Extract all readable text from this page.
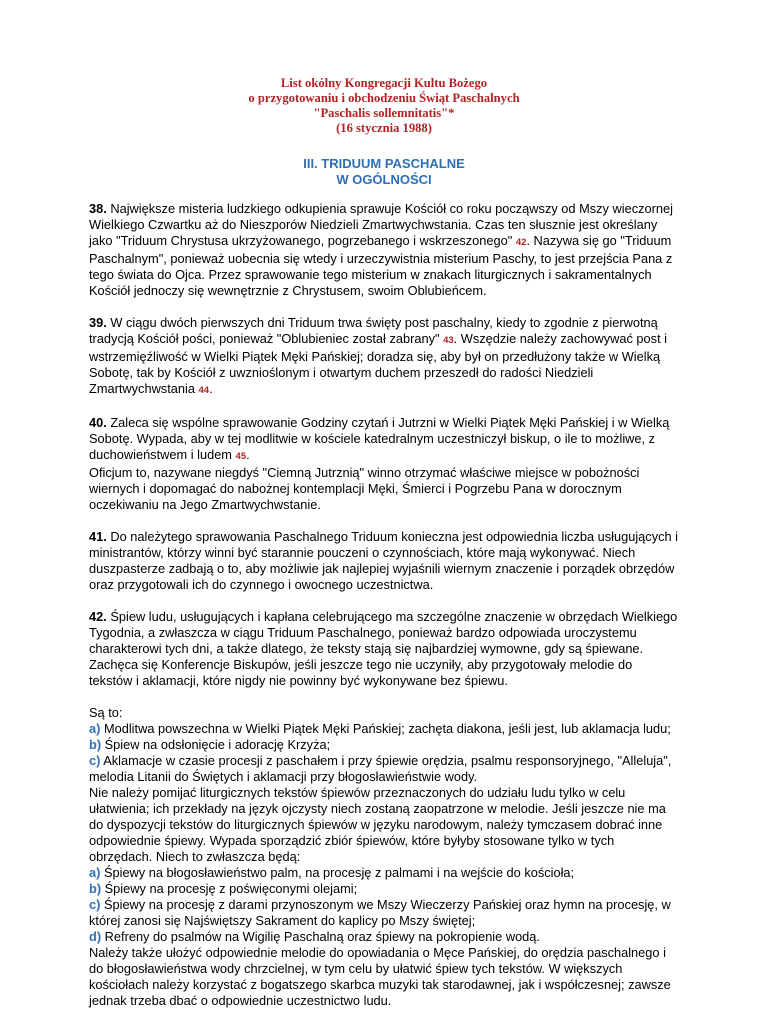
List okólny Kongregacji Kultu Bożego
o przygotowaniu i obchodzeniu Świąt Paschalnych
"Paschalis sollemnitatis"*
(16 stycznia 1988)
III. TRIDUUM PASCHALNE
W OGÓLNOŚCI

38. Największe misteria ludzkiego odkupienia sprawuje Kościół co roku począwszy od Mszy wieczornej Wielkiego Czwartku aż do Nieszporów Niedzieli Zmartwychwstania. Czas ten słusznie jest określany jako "Triduum Chrystusa ukrzyżowanego, pogrzebanego i wskrzeszonego" 42. Nazywa się go "Triduum Paschalnym", ponieważ uobecnia się wtedy i urzeczywistnia misterium Paschy, to jest przejścia Pana z tego świata do Ojca. Przez sprawowanie tego misterium w znakach liturgicznych i sakramentalnych Kościół jednoczy się wewnętrznie z Chrystusem, swoim Oblubieńcem.

39. W ciągu dwóch pierwszych dni Triduum trwa święty post paschalny, kiedy to zgodnie z pierwotną tradycją Kościół pości, ponieważ "Oblubieniec został zabrany" 43. Wszędzie należy zachowywać post i wstrzemięźliwość w Wielki Piątek Męki Pańskiej; doradza się, aby był on przedłużony także w Wielką Sobotę, tak by Kościół z uwznioślonym i otwartym duchem przeszedł do radości Niedzieli Zmartwychwstania 44.

40. Zaleca się wspólne sprawowanie Godziny czytań i Jutrzni w Wielki Piątek Męki Pańskiej i w Wielką Sobotę. Wypada, aby w tej modlitwie w kościele katedralnym uczestniczył biskup, o ile to możliwe, z duchowieństwem i ludem 45.
Oficjum to, nazywane niegdyś "Ciemną Jutrznią" winno otrzymać właściwe miejsce w pobożności wiernych i dopomagać do nabożnej kontemplacji Męki, Śmierci i Pogrzebu Pana w dorocznym oczekiwaniu na Jego Zmartwychwstanie.

41. Do należytego sprawowania Paschalnego Triduum konieczna jest odpowiednia liczba usługujących i ministrantów, którzy winni być starannie pouczeni o czynnościach, które mają wykonywać. Niech duszpasterze zadbają o to, aby możliwie jak najlepiej wyjaśnili wiernym znaczenie i porządek obrzędów oraz przygotowali ich do czynnego i owocnego uczestnictwa.

42. Śpiew ludu, usługujących i kapłana celebrującego ma szczególne znaczenie w obrzędach Wielkiego Tygodnia, a zwłaszcza w ciągu Triduum Paschalnego, ponieważ bardzo odpowiada uroczystemu charakterowi tych dni, a także dlatego, że teksty stają się najbardziej wymowne, gdy są śpiewane. Zachęca się Konferencje Biskupów, jeśli jeszcze tego nie uczyniły, aby przygotowały melodie do tekstów i aklamacji, które nigdy nie powinny być wykonywane bez śpiewu.

Są to:
a) Modlitwa powszechna w Wielki Piątek Męki Pańskiej; zachęta diakona, jeśli jest, lub aklamacja ludu;
b) Śpiew na odsłonięcie i adorację Krzyża;
c) Aklamacje w czasie procesji z paschałem i przy śpiewie orędzia, psalmu responsoryjnego, "Alleluja", melodia Litanii do Świętych i aklamacji przy błogosławieństwie wody.
Nie należy pomijać liturgicznych tekstów śpiewów przeznaczonych do udziału ludu tylko w celu ułatwienia; ich przekłady na język ojczysty niech zostaną zaopatrzone w melodie. Jeśli jeszcze nie ma do dyspozycji tekstów do liturgicznych śpiewów w języku narodowym, należy tymczasem dobrać inne odpowiednie śpiewy. Wypada sporządzić zbiór śpiewów, które byłyby stosowane tylko w tych obrzędach. Niech to zwłaszcza będą:
a) Śpiewy na błogosławieństwo palm, na procesję z palmami i na wejście do kościoła;
b) Śpiewy na procesję z poświęconymi olejami;
c) Śpiewy na procesję z darami przynoszonym we Mszy Wieczerzy Pańskiej oraz hymn na procesję, w której zanosi się Najświętszy Sakrament do kaplicy po Mszy świętej;
d) Refreny do psalmów na Wigilię Paschalną oraz śpiewy na pokropienie wodą.
Należy także ułożyć odpowiednie melodie do opowiadania o Męce Pańskiej, do orędzia paschalnego i do błogosławieństwa wody chrzcielnej, w tym celu by ułatwić śpiew tych tekstów. W większych kościołach należy korzystać z bogatszego skarbca muzyki tak starodawnej, jak i współczesnej; zawsze jednak trzeba dbać o odpowiednie uczestnictwo ludu.
